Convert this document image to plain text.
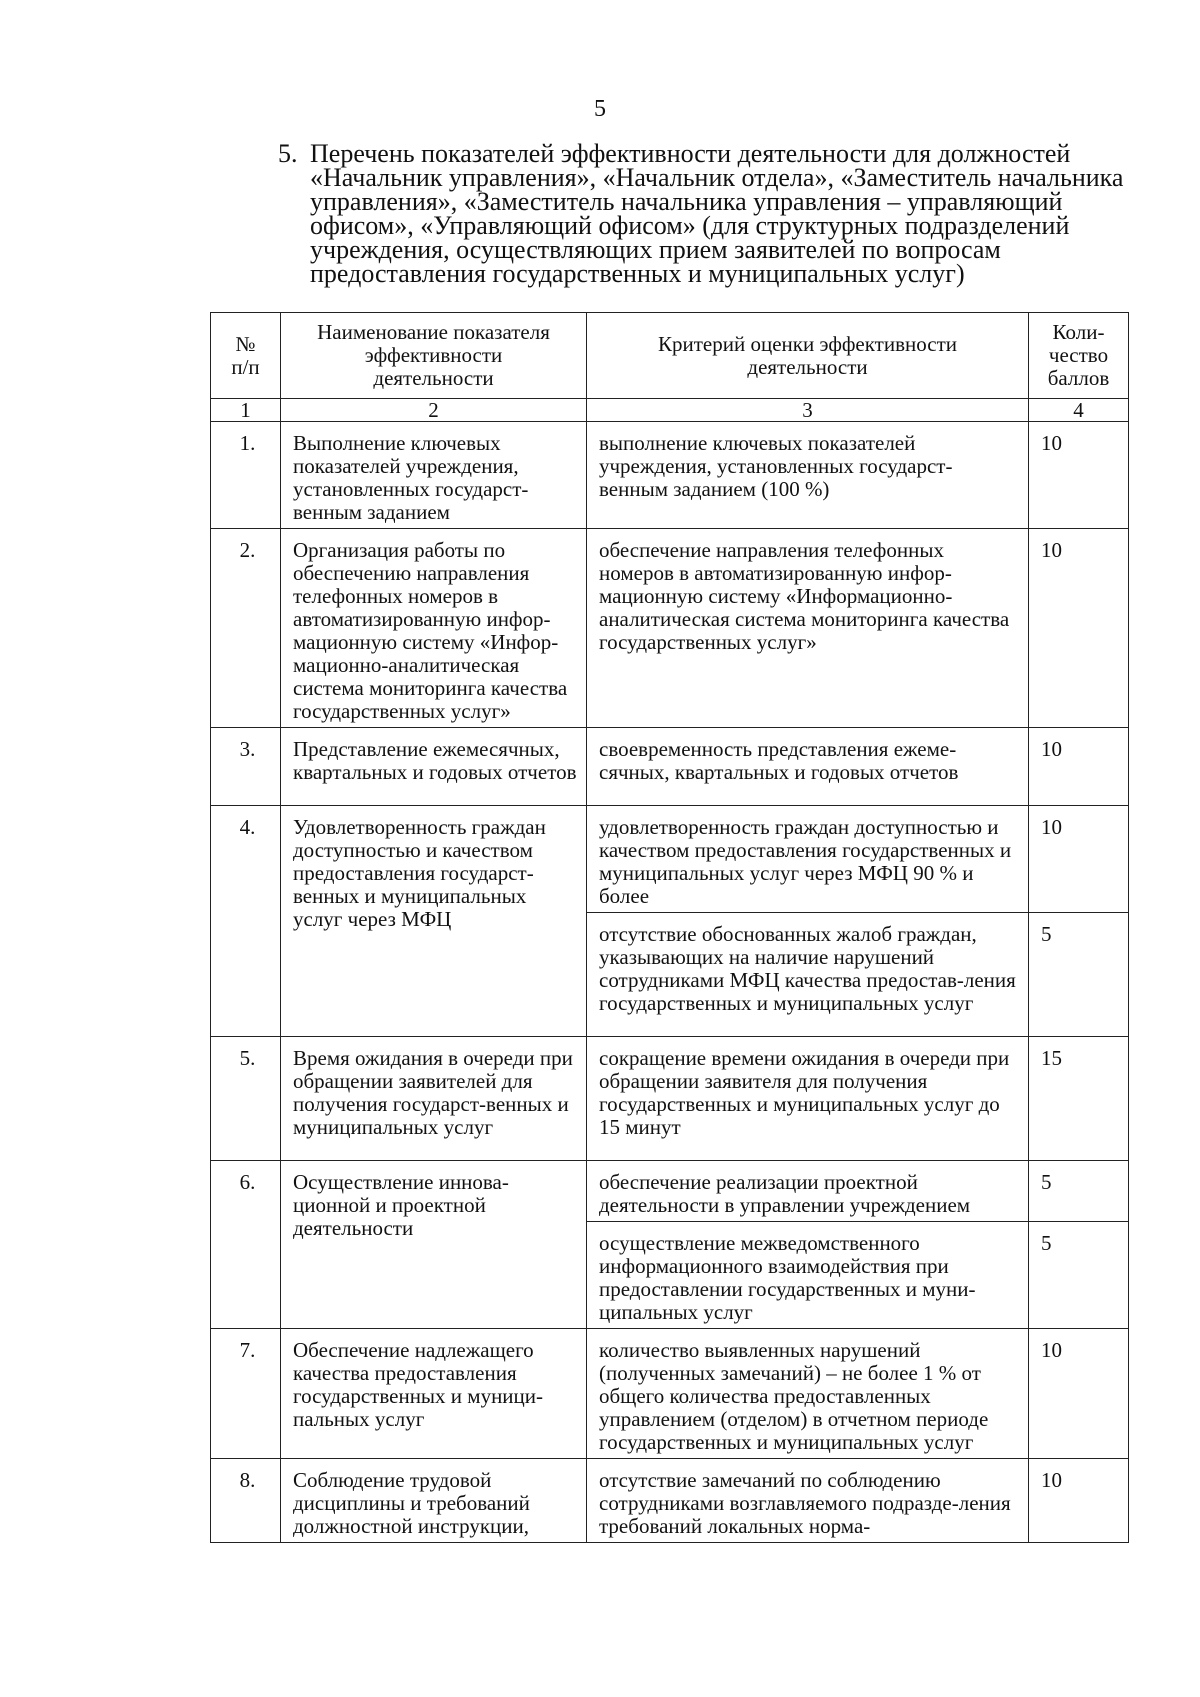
5
5. Перечень показателей эффективности деятельности для должностей «Начальник управления», «Начальник отдела», «Заместитель начальника управления», «Заместитель начальника управления – управляющий офисом», «Управляющий офисом» (для структурных подразделений учреждения, осуществляющих прием заявителей по вопросам предоставления государственных и муниципальных услуг)
№ п/п	Наименование показателя эффективности деятельности	Критерий оценки эффективности деятельности	Коли-чество баллов
1	2	3	4
1.	Выполнение ключевых показателей учреждения, установленных государст-венным заданием	выполнение ключевых показателей учреждения, установленных государст-венным заданием (100 %)	10
2.	Организация работы по обеспечению направления телефонных номеров в автоматизированную инфор-мационную систему «Инфор-мационно-аналитическая система мониторинга качества государственных услуг»	обеспечение направления телефонных номеров в автоматизированную инфор-мационную систему «Информационно-аналитическая система мониторинга качества государственных услуг»	10
3.	Представление ежемесячных, квартальных и годовых отчетов	своевременность представления ежеме-сячных, квартальных и годовых отчетов	10
4.	Удовлетворенность граждан доступностью и качеством предоставления государст-венных и муниципальных услуг через МФЦ	удовлетворенность граждан доступностью и качеством предоставления государственных и муниципальных услуг через МФЦ 90 % и более	10
		отсутствие обоснованных жалоб граждан, указывающих на наличие нарушений сотрудниками МФЦ качества предостав-ления государственных и муниципальных услуг	5
5.	Время ожидания в очереди при обращении заявителей для получения государст-венных и муниципальных услуг	сокращение времени ожидания в очереди при обращении заявителя для получения государственных и муниципальных услуг до 15 минут	15
6.	Осуществление иннова-ционной и проектной деятельности	обеспечение реализации проектной деятельности в управлении учреждением	5
		осуществление межведомственного информационного взаимодействия при предоставлении государственных и муни-ципальных услуг	5
7.	Обеспечение надлежащего качества предоставления государственных и муници-пальных услуг	количество выявленных нарушений (полученных замечаний) – не более 1 % от общего количества предоставленных управлением (отделом) в отчетном периоде государственных и муниципальных услуг	10
8.	Соблюдение трудовой дисциплины и требований должностной инструкции,	отсутствие замечаний по соблюдению сотрудниками возглавляемого подразде-ления требований локальных норма-	10
